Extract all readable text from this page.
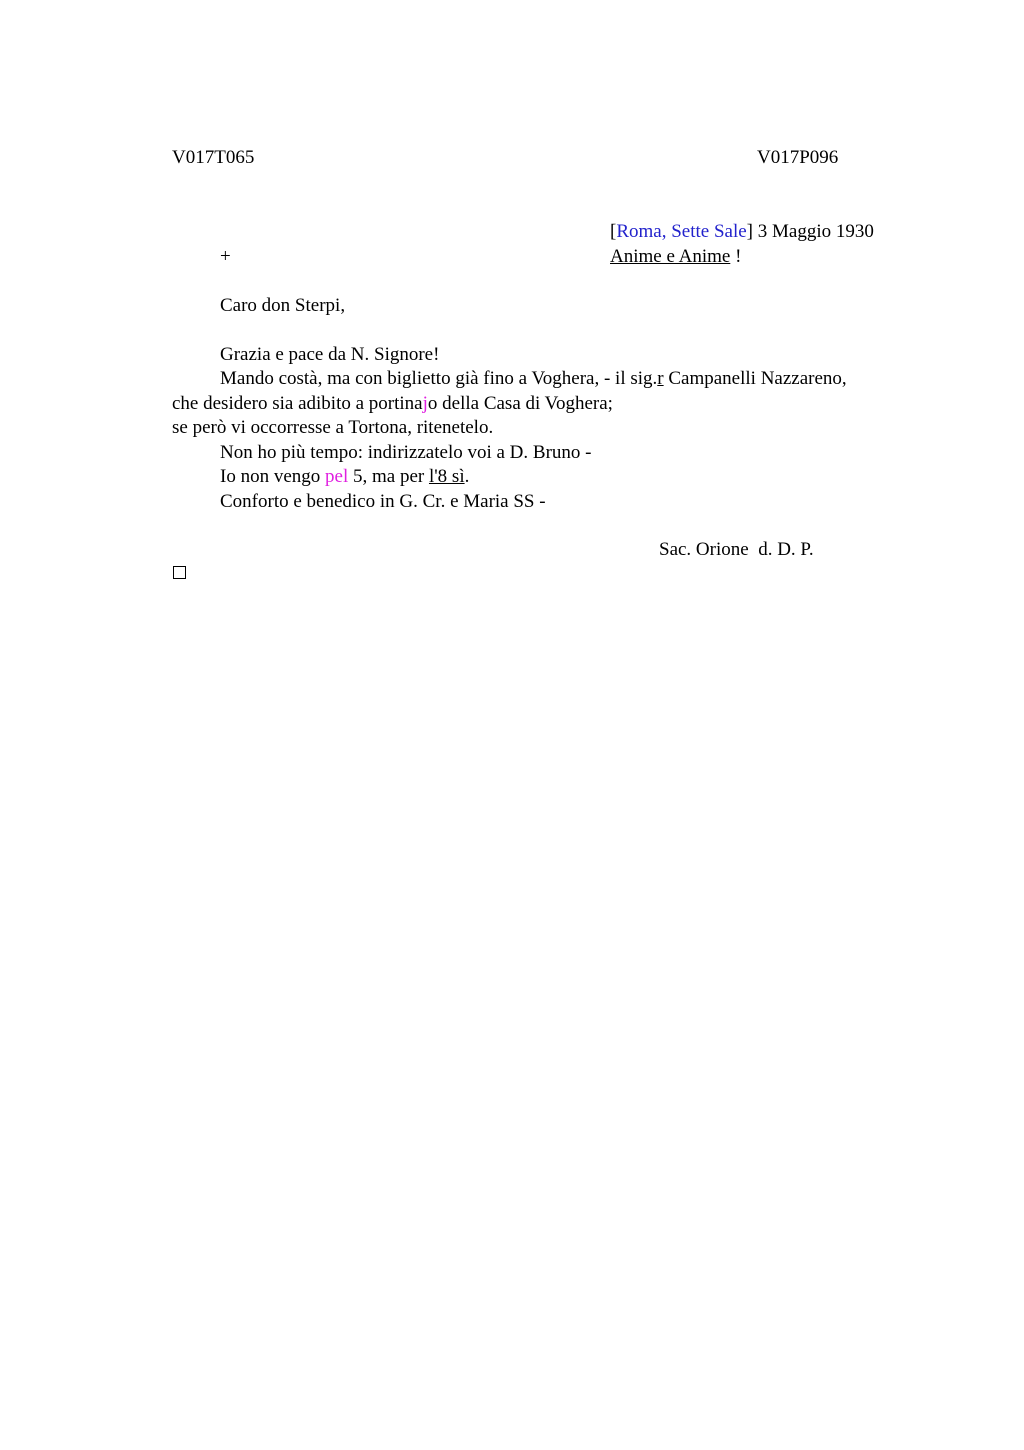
V017T065	V017P096
[Roma, Sette Sale] 3 Maggio 1930
+	Anime e Anime !
Caro don Sterpi,
Grazia e pace da N. Signore!
Mando costà, ma con biglietto già fino a Voghera, - il sig.r Campanelli Nazzareno,
che desidero sia adibito a portinajo della Casa di Voghera;
se però vi occorresse a Tortona, ritenetelo.
Non ho più tempo: indirizzatelo voi a D. Bruno -
Io non vengo pel 5, ma per l'8 sì.
Conforto e benedico in G. Cr. e Maria SS -
Sac. Orione  d. D. P.
